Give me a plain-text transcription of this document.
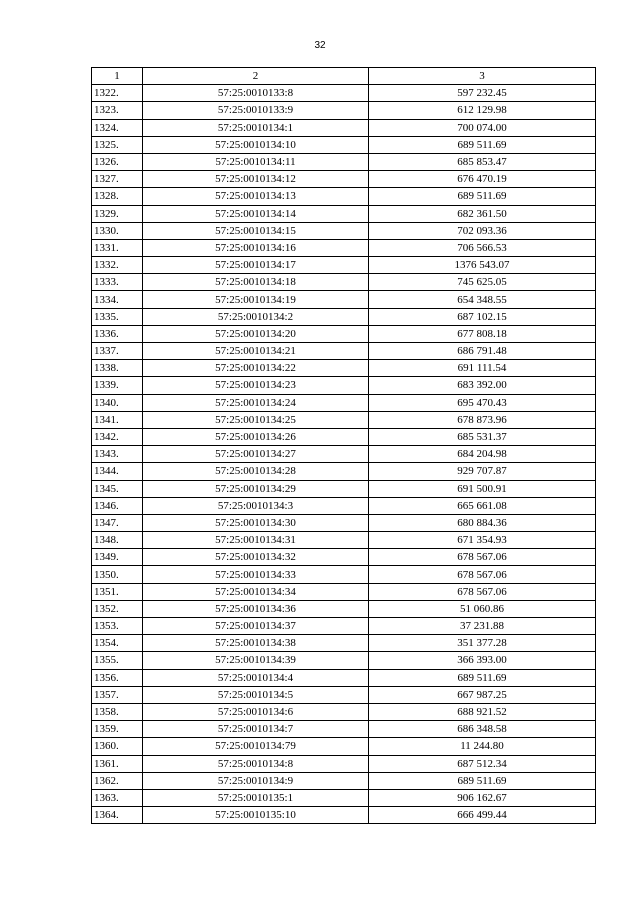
32
1	2	3
1322.	57:25:0010133:8	597 232.45
1323.	57:25:0010133:9	612 129.98
1324.	57:25:0010134:1	700 074.00
1325.	57:25:0010134:10	689 511.69
1326.	57:25:0010134:11	685 853.47
1327.	57:25:0010134:12	676 470.19
1328.	57:25:0010134:13	689 511.69
1329.	57:25:0010134:14	682 361.50
1330.	57:25:0010134:15	702 093.36
1331.	57:25:0010134:16	706 566.53
1332.	57:25:0010134:17	1376 543.07
1333.	57:25:0010134:18	745 625.05
1334.	57:25:0010134:19	654 348.55
1335.	57:25:0010134:2	687 102.15
1336.	57:25:0010134:20	677 808.18
1337.	57:25:0010134:21	686 791.48
1338.	57:25:0010134:22	691 111.54
1339.	57:25:0010134:23	683 392.00
1340.	57:25:0010134:24	695 470.43
1341.	57:25:0010134:25	678 873.96
1342.	57:25:0010134:26	685 531.37
1343.	57:25:0010134:27	684 204.98
1344.	57:25:0010134:28	929 707.87
1345.	57:25:0010134:29	691 500.91
1346.	57:25:0010134:3	665 661.08
1347.	57:25:0010134:30	680 884.36
1348.	57:25:0010134:31	671 354.93
1349.	57:25:0010134:32	678 567.06
1350.	57:25:0010134:33	678 567.06
1351.	57:25:0010134:34	678 567.06
1352.	57:25:0010134:36	51 060.86
1353.	57:25:0010134:37	37 231.88
1354.	57:25:0010134:38	351 377.28
1355.	57:25:0010134:39	366 393.00
1356.	57:25:0010134:4	689 511.69
1357.	57:25:0010134:5	667 987.25
1358.	57:25:0010134:6	688 921.52
1359.	57:25:0010134:7	686 348.58
1360.	57:25:0010134:79	11 244.80
1361.	57:25:0010134:8	687 512.34
1362.	57:25:0010134:9	689 511.69
1363.	57:25:0010135:1	906 162.67
1364.	57:25:0010135:10	666 499.44
